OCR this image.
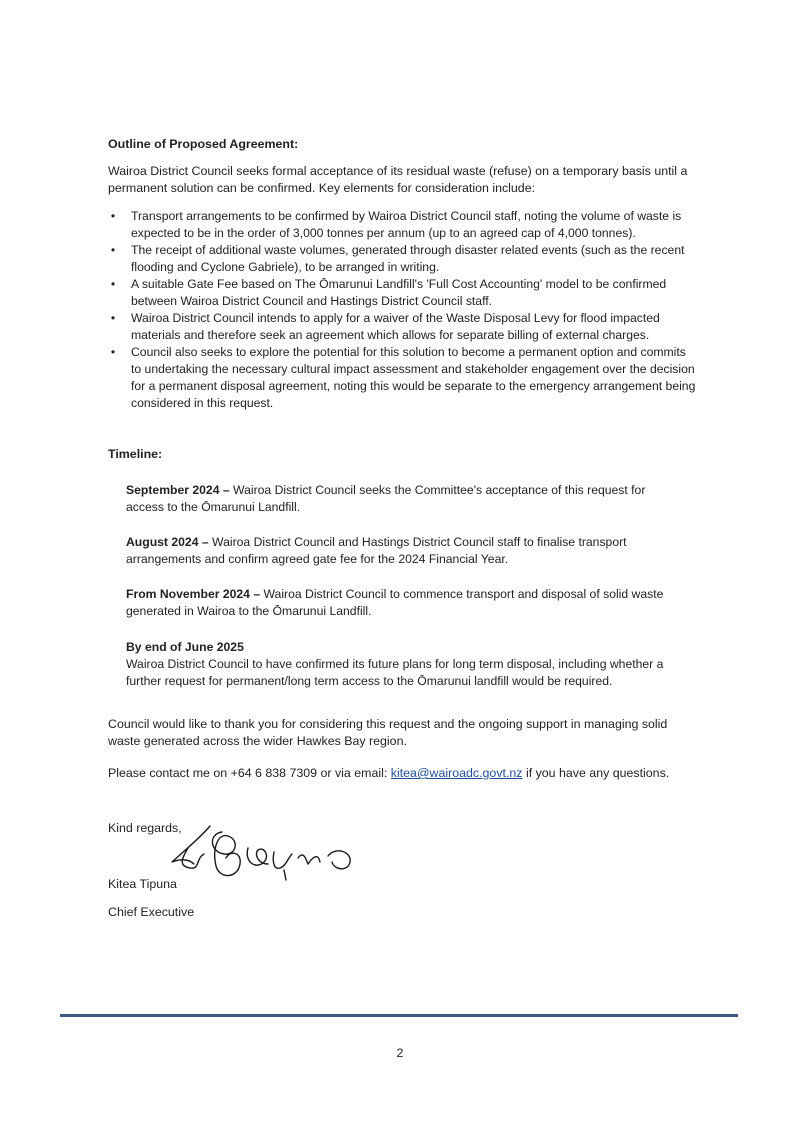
Outline of Proposed Agreement:
Wairoa District Council seeks formal acceptance of its residual waste (refuse) on a temporary basis until a permanent solution can be confirmed. Key elements for consideration include:
• Transport arrangements to be confirmed by Wairoa District Council staff, noting the volume of waste is expected to be in the order of 3,000 tonnes per annum (up to an agreed cap of 4,000 tonnes).
• The receipt of additional waste volumes, generated through disaster related events (such as the recent flooding and Cyclone Gabriele), to be arranged in writing.
• A suitable Gate Fee based on The Ōmarunui Landfill's 'Full Cost Accounting' model to be confirmed between Wairoa District Council and Hastings District Council staff.
• Wairoa District Council intends to apply for a waiver of the Waste Disposal Levy for flood impacted materials and therefore seek an agreement which allows for separate billing of external charges.
• Council also seeks to explore the potential for this solution to become a permanent option and commits to undertaking the necessary cultural impact assessment and stakeholder engagement over the decision for a permanent disposal agreement, noting this would be separate to the emergency arrangement being considered in this request.
Timeline:
September 2024 – Wairoa District Council seeks the Committee's acceptance of this request for access to the Ōmarunui Landfill.
August 2024 – Wairoa District Council and Hastings District Council staff to finalise transport arrangements and confirm agreed gate fee for the 2024 Financial Year.
From November 2024 – Wairoa District Council to commence transport and disposal of solid waste generated in Wairoa to the Ōmarunui Landfill.
By end of June 2025
Wairoa District Council to have confirmed its future plans for long term disposal, including whether a further request for permanent/long term access to the Ōmarunui landfill would be required.
Council would like to thank you for considering this request and the ongoing support in managing solid waste generated across the wider Hawkes Bay region.
Please contact me on +64 6 838 7309 or via email: kitea@wairoadc.govt.nz if you have any questions.
Kind regards,
Kitea Tipuna
Chief Executive
2
